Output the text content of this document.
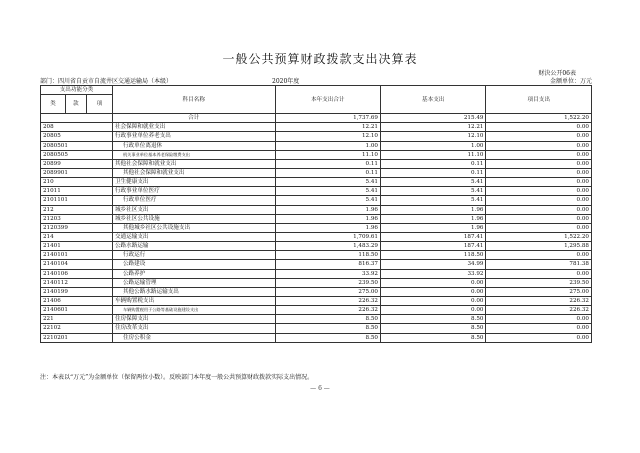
一般公共预算财政拨款支出决算表
财決公开06表
部门：四川省自贡市自流井区交通运输局（本级）	2020年度	金额单位：万元
支出功能分类			科目名称	本年支出合计	基本支出	项目支出
类	款	项				
			合计	1,737.69	215.49	1,522.20
208			社会保障和就业支出	12.21	12.21	0.00
20805			行政事业单位养老支出	12.10	12.10	0.00
2080501			行政单位离退休	1.00	1.00	0.00
2080505			机关事业单位基本养老保险缴费支出	11.10	11.10	0.00
20899			其他社会保障和就业支出	0.11	0.11	0.00
2089901			其他社会保障和就业支出	0.11	0.11	0.00
210			卫生健康支出	5.41	5.41	0.00
21011			行政事业单位医疗	5.41	5.41	0.00
2101101			行政单位医疗	5.41	5.41	0.00
212			城乡社区支出	1.96	1.96	0.00
21203			城乡社区公共设施	1.96	1.96	0.00
2120399			其他城乡社区公共设施支出	1.96	1.96	0.00
214			交通运输支出	1,709.61	187.41	1,522.20
21401			公路水路运输	1,483.29	187.41	1,295.88
2140101			行政运行	118.50	118.50	0.00
2140104			公路建设	816.37	34.99	781.38
2140106			公路养护	33.92	33.92	0.00
2140112			公路运输管理	239.50	0.00	239.50
2140199			其他公路水路运输支出	275.00	0.00	275.00
21406			车辆购置税支出	226.32	0.00	226.32
2140601			车辆购置税用于公路等基础设施建设支出	226.32	0.00	226.32
221			住房保障支出	8.50	8.50	0.00
22102			住房改革支出	8.50	8.50	0.00
2210201			住房公积金	8.50	8.50	0.00
注：本表以“万元”为金额单位（保留两位小数）。反映部门本年度一般公共预算财政拨款实际支出情况。
— 6 —
